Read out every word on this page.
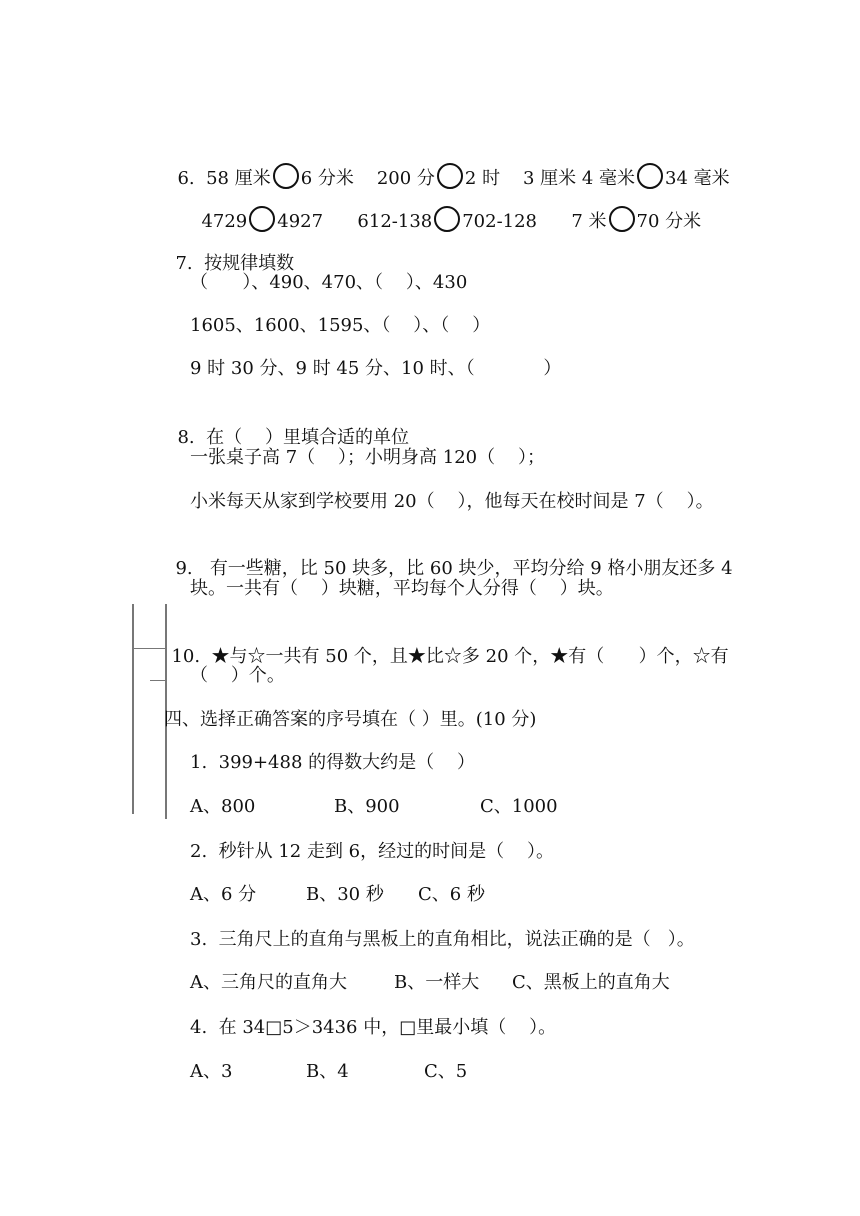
6. 58 厘米 6 分米 200 分 2 时 3 厘米 4 毫米 34 毫米

4729 4927 612-138 702-128 7 米 70 分米

7. 按规律填数

（      ）、490、470、（    ）、430
1605、1600、1595、（    ）、（    ）
9 时 30 分、9 时 45 分、10 时、（            ）

8. 在（    ）里填合适的单位

一张桌子高 7（    ）；小明身高 120（    ）；
小米每天从家到学校要用 20（    ），他每天在校时间是 7（    ）。

9. 有一些糖，比 50 块多，比 60 块少，平均分给 9 格小朋友还多 4

块。一共有（    ）块糖，平均每个人分得（    ）块。

10. ★与☆一共有 50 个，且★比☆多 20 个，★有（      ）个，☆有

（    ）个。
四、选择正确答案的序号填在（ ）里。(10 分)
1.  399+488 的得数大约是（    ）
A、800	B、900	C、1000
2.  秒针从 12 走到 6，经过的时间是（    ）。
A、6 分	B、30 秒 C、6 秒
3.  三角尺上的直角与黑板上的直角相比，说法正确的是（   ）。
A、三角尺的直角大	B、一样大 C、黑板上的直角大
4.  在 34□5＞3436 中，□里最小填（    ）。
A、3	B、4	C、5
